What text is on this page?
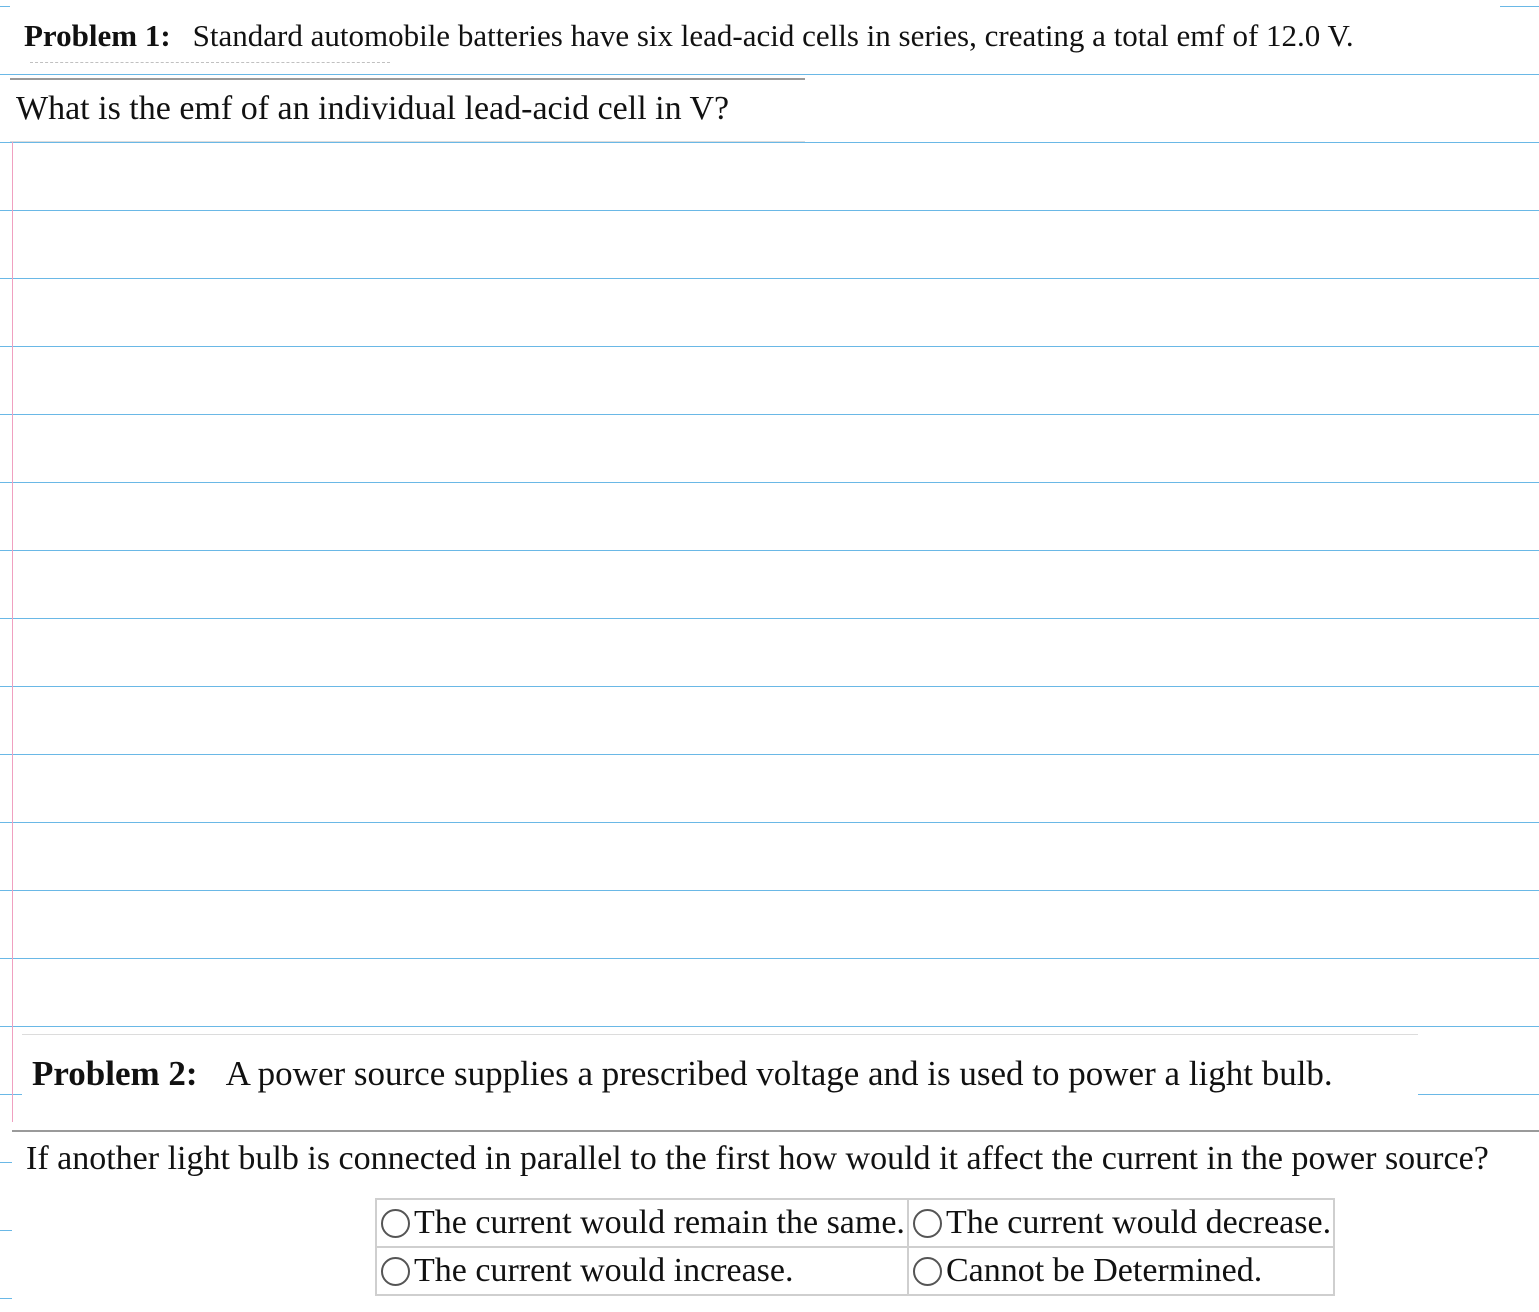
Problem 1: Standard automobile batteries have six lead-acid cells in series, creating a total emf of 12.0 V.
What is the emf of an individual lead-acid cell in V?
Problem 2: A power source supplies a prescribed voltage and is used to power a light bulb.
If another light bulb is connected in parallel to the first how would it affect the current in the power source?
The current would remain the same.	The current would decrease.

The current would increase.	Cannot be Determined.
